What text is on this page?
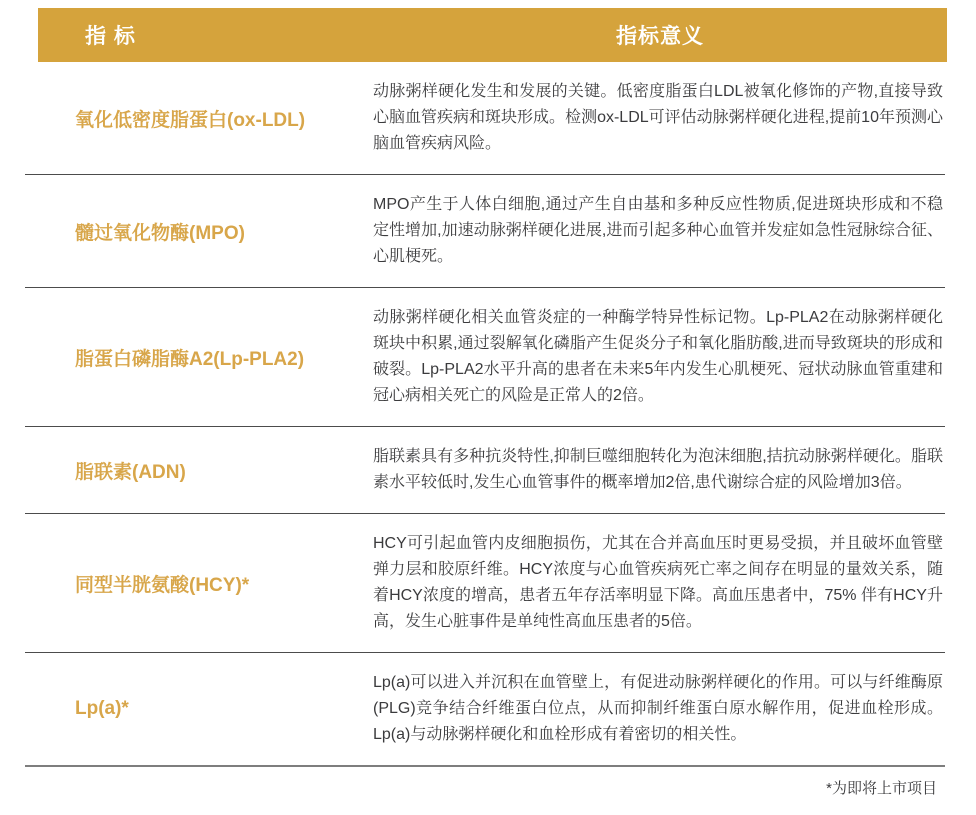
指 标	指标意义
氧化低密度脂蛋白(ox-LDL)
动脉粥样硬化发生和发展的关键。低密度脂蛋白LDL被氧化修饰的产物,直接导致心脑血管疾病和斑块形成。检测ox-LDL可评估动脉粥样硬化进程,提前10年预测心脑血管疾病风险。
髓过氧化物酶(MPO)
MPO产生于人体白细胞,通过产生自由基和多种反应性物质,促进斑块形成和不稳定性增加,加速动脉粥样硬化进展,进而引起多种心血管并发症如急性冠脉综合征、心肌梗死。
脂蛋白磷脂酶A2(Lp-PLA2)
动脉粥样硬化相关血管炎症的一种酶学特异性标记物。Lp-PLA2在动脉粥样硬化斑块中积累,通过裂解氧化磷脂产生促炎分子和氧化脂肪酸,进而导致斑块的形成和破裂。Lp-PLA2水平升高的患者在未来5年内发生心肌梗死、冠状动脉血管重建和冠心病相关死亡的风险是正常人的2倍。
脂联素(ADN)
脂联素具有多种抗炎特性,抑制巨噬细胞转化为泡沫细胞,拮抗动脉粥样硬化。脂联素水平较低时,发生心血管事件的概率增加2倍,患代谢综合症的风险增加3倍。
同型半胱氨酸(HCY)*
HCY可引起血管内皮细胞损伤，尤其在合并高血压时更易受损，并且破坏血管壁弹力层和胶原纤维。HCY浓度与心血管疾病死亡率之间存在明显的量效关系，随着HCY浓度的增高，患者五年存活率明显下降。高血压患者中，75% 伴有HCY升高，发生心脏事件是单纯性高血压患者的5倍。
Lp(a)*
Lp(a)可以进入并沉积在血管壁上，有促进动脉粥样硬化的作用。可以与纤维酶原(PLG)竞争结合纤维蛋白位点，从而抑制纤维蛋白原水解作用，促进血栓形成。Lp(a)与动脉粥样硬化和血栓形成有着密切的相关性。
*为即将上市项目
